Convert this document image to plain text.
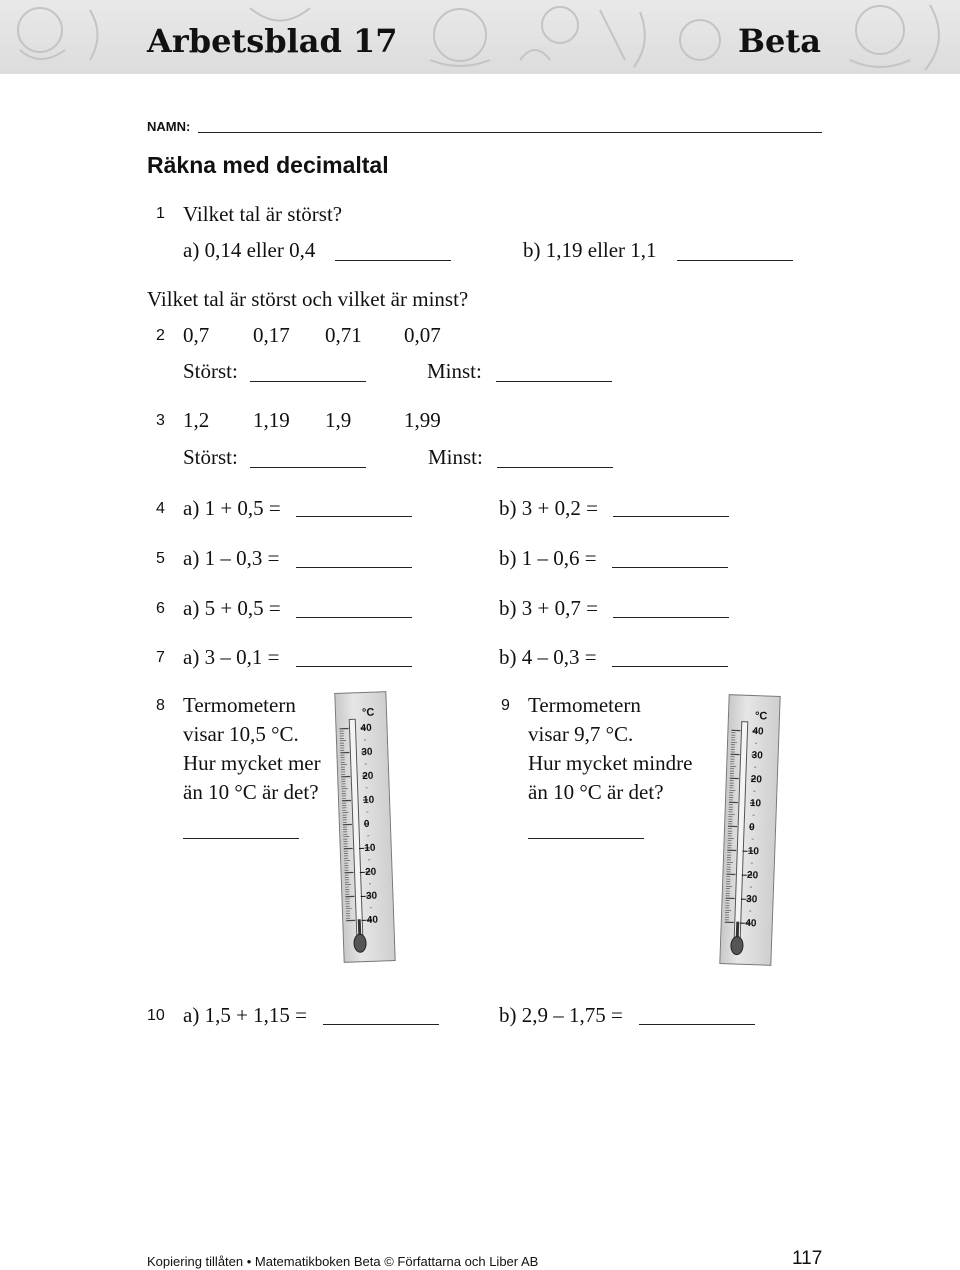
Arbetsblad 17	Beta
NAMN:
Räkna med decimaltal
1 Vilket tal är störst?
a) 0,14 eller 0,4	b) 1,19 eller 1,1
Vilket tal är störst och vilket är minst?
2 0,7 0,17 0,71 0,07
Störst:	Minst:
3 1,2 1,19 1,9	1,99
Störst:	Minst:
4 a) 1 + 0,5 =	b) 3 + 0,2 =
5 a) 1 – 0,3 =	b) 1 – 0,6 =
6 a) 5 + 0,5 =	b) 3 + 0,7 =
7 a) 3 – 0,1 =	b) 4 – 0,3 =
8 Termometern
visar 10,5 °C.
Hur mycket mer
än 10 °C är det?
°C
40
30
20
10
0
–10
–20
–30
–40
9 Termometern
visar 9,7 °C.
Hur mycket mindre
än 10 °C är det?
°C
40
30
20
10
0
–10
–20
–30
–40
10 a) 1,5 + 1,15 =	b) 2,9 – 1,75 =
Kopiering tillåten • Matematikboken Beta © Författarna och Liber AB	117
